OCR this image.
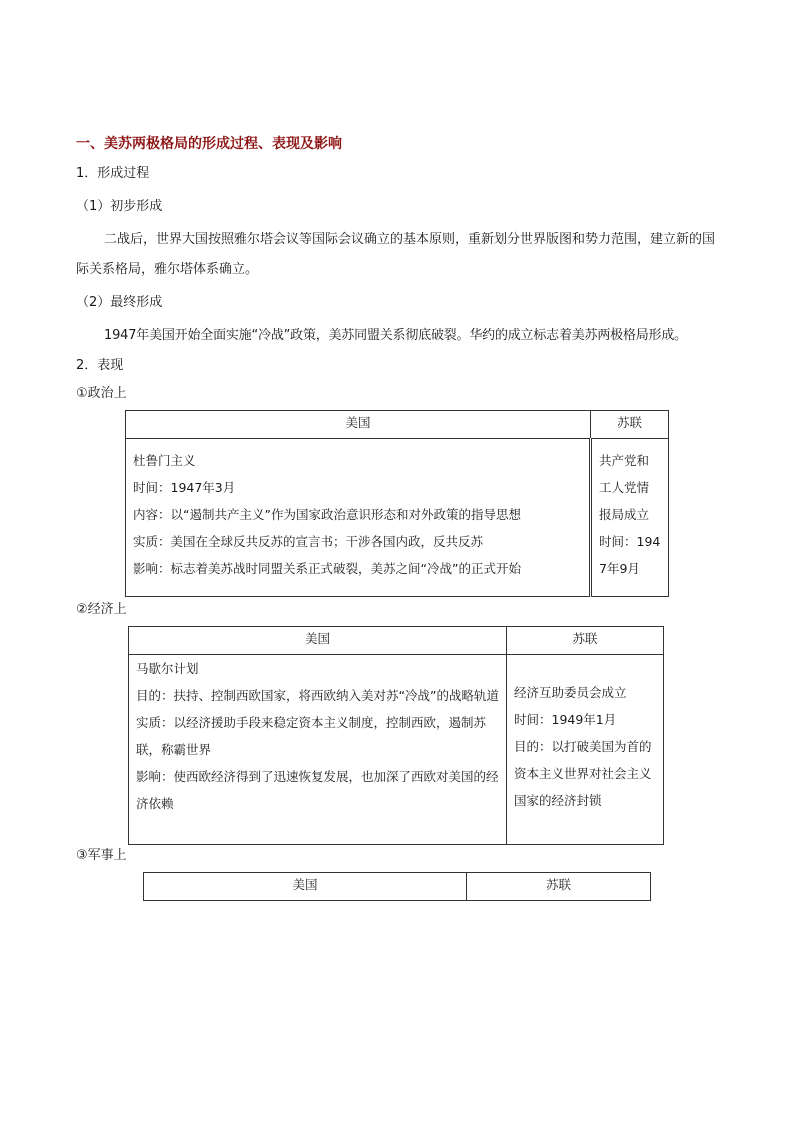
一、美苏两极格局的形成过程、表现及影响
1．形成过程
（1）初步形成
二战后，世界大国按照雅尔塔会议等国际会议确立的基本原则，重新划分世界版图和势力范围，建立新的国际关系格局，雅尔塔体系确立。
（2）最终形成
1947年美国开始全面实施“冷战”政策，美苏同盟关系彻底破裂。华约的成立标志着美苏两极格局形成。
2．表现
①政治上
美国	苏联

杜鲁门主义
时间：1947年3月
内容：以“遏制共产主义”作为国家政治意识形态和对外政策的指导思想
实质：美国在全球反共反苏的宣言书；干涉各国内政，反共反苏
影响：标志着美苏战时同盟关系正式破裂，美苏之间“冷战”的正式开始	共产党和工人党情报局成立时间：1947年9月
②经济上
美国	苏联

马歇尔计划
目的：扶持、控制西欧国家，将西欧纳入美对苏“冷战”的战略轨道
实质：以经济援助手段来稳定资本主义制度，控制西欧，遏制苏联，称霸世界
影响：使西欧经济得到了迅速恢复发展，也加深了西欧对美国的经济依赖	经济互助委员会成立
时间：1949年1月
目的：以打破美国为首的资本主义世界对社会主义国家的经济封锁
③军事上
美国	苏联
